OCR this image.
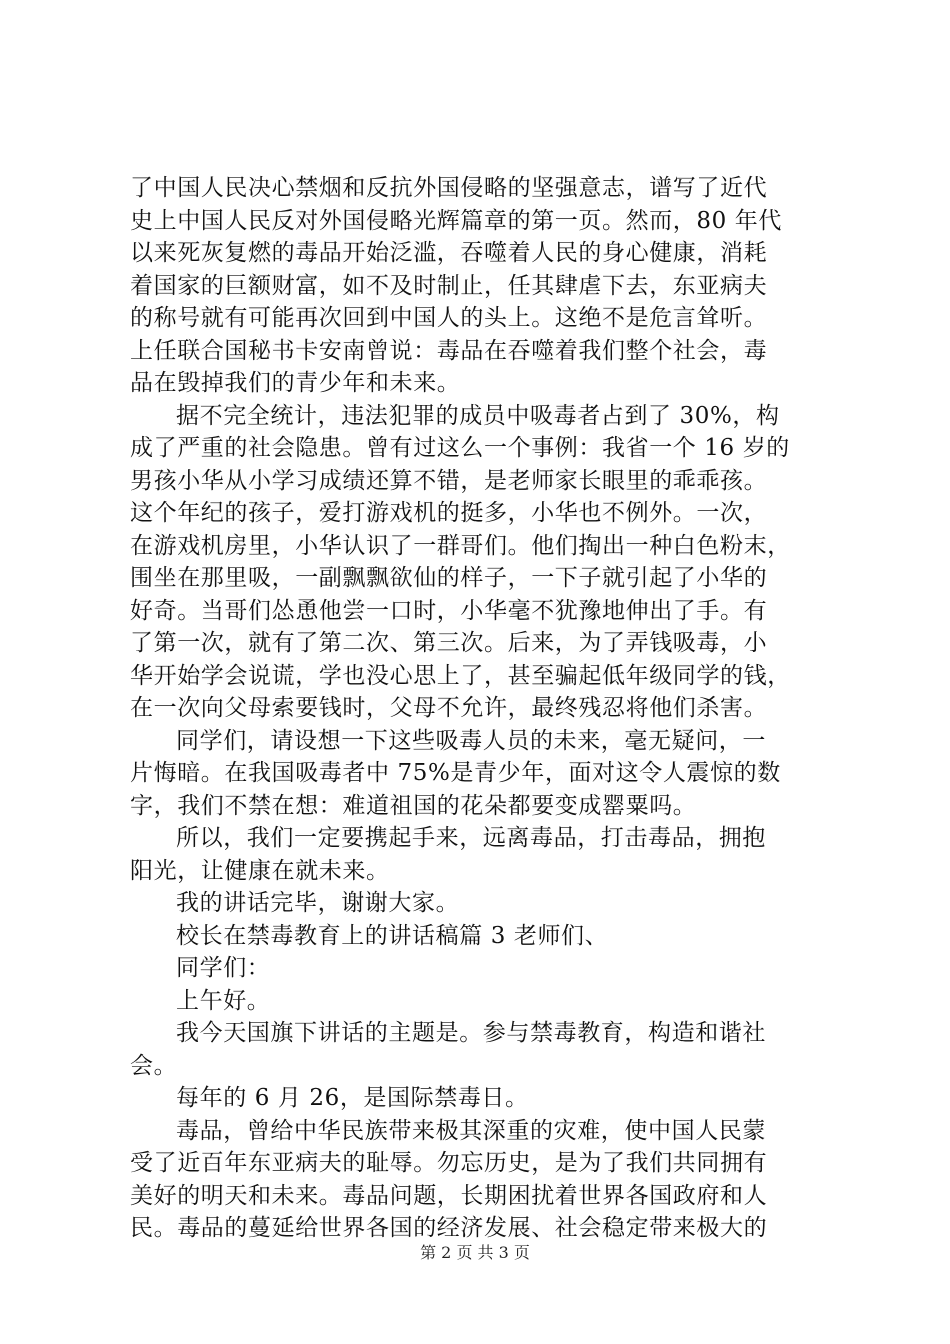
了中国人民决心禁烟和反抗外国侵略的坚强意志，谱写了近代
史上中国人民反对外国侵略光辉篇章的第一页。然而，80 年代
以来死灰复燃的毒品开始泛滥，吞噬着人民的身心健康，消耗
着国家的巨额财富，如不及时制止，任其肆虐下去，东亚病夫
的称号就有可能再次回到中国人的头上。这绝不是危言耸听。
上任联合国秘书卡安南曾说：毒品在吞噬着我们整个社会，毒
品在毁掉我们的青少年和未来。
据不完全统计，违法犯罪的成员中吸毒者占到了 30%，构
成了严重的社会隐患。曾有过这么一个事例：我省一个 16 岁的
男孩小华从小学习成绩还算不错，是老师家长眼里的乖乖孩。
这个年纪的孩子，爱打游戏机的挺多，小华也不例外。一次，
在游戏机房里，小华认识了一群哥们。他们掏出一种白色粉末，
围坐在那里吸，一副飘飘欲仙的样子，一下子就引起了小华的
好奇。当哥们怂恿他尝一口时，小华毫不犹豫地伸出了手。有
了第一次，就有了第二次、第三次。后来，为了弄钱吸毒，小
华开始学会说谎，学也没心思上了，甚至骗起低年级同学的钱，
在一次向父母索要钱时，父母不允许，最终残忍将他们杀害。
同学们，请设想一下这些吸毒人员的未来，毫无疑问，一
片悔暗。在我国吸毒者中 75%是青少年，面对这令人震惊的数
字，我们不禁在想：难道祖国的花朵都要变成罂粟吗。
所以，我们一定要携起手来，远离毒品，打击毒品，拥抱
阳光，让健康在就未来。
我的讲话完毕，谢谢大家。
校长在禁毒教育上的讲话稿篇 3 老师们、
同学们：
上午好。
我今天国旗下讲话的主题是。参与禁毒教育，构造和谐社
会。
每年的 6 月 26，是国际禁毒日。
毒品，曾给中华民族带来极其深重的灾难，使中国人民蒙
受了近百年东亚病夫的耻辱。勿忘历史，是为了我们共同拥有
美好的明天和未来。毒品问题，长期困扰着世界各国政府和人
民。毒品的蔓延给世界各国的经济发展、社会稳定带来极大的
第 2 页 共 3 页
